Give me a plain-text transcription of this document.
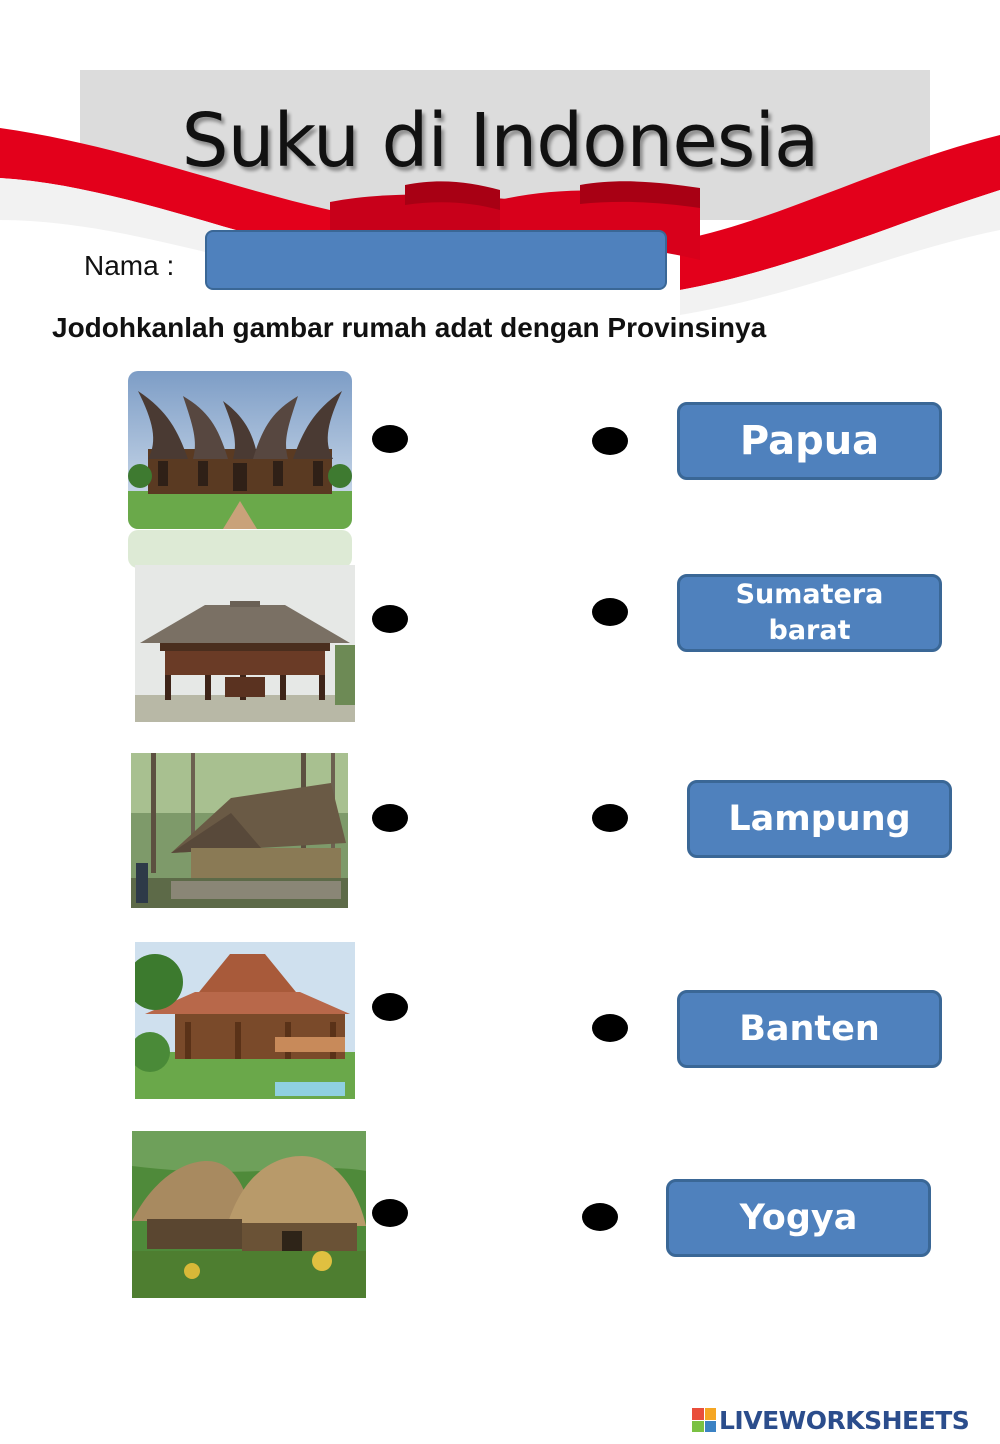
Suku di Indonesia
Nama :
Jodohkanlah gambar rumah adat dengan Provinsinya
Papua
Sumatera barat
Lampung
Banten
Yogya
LIVEWORKSHEETS
